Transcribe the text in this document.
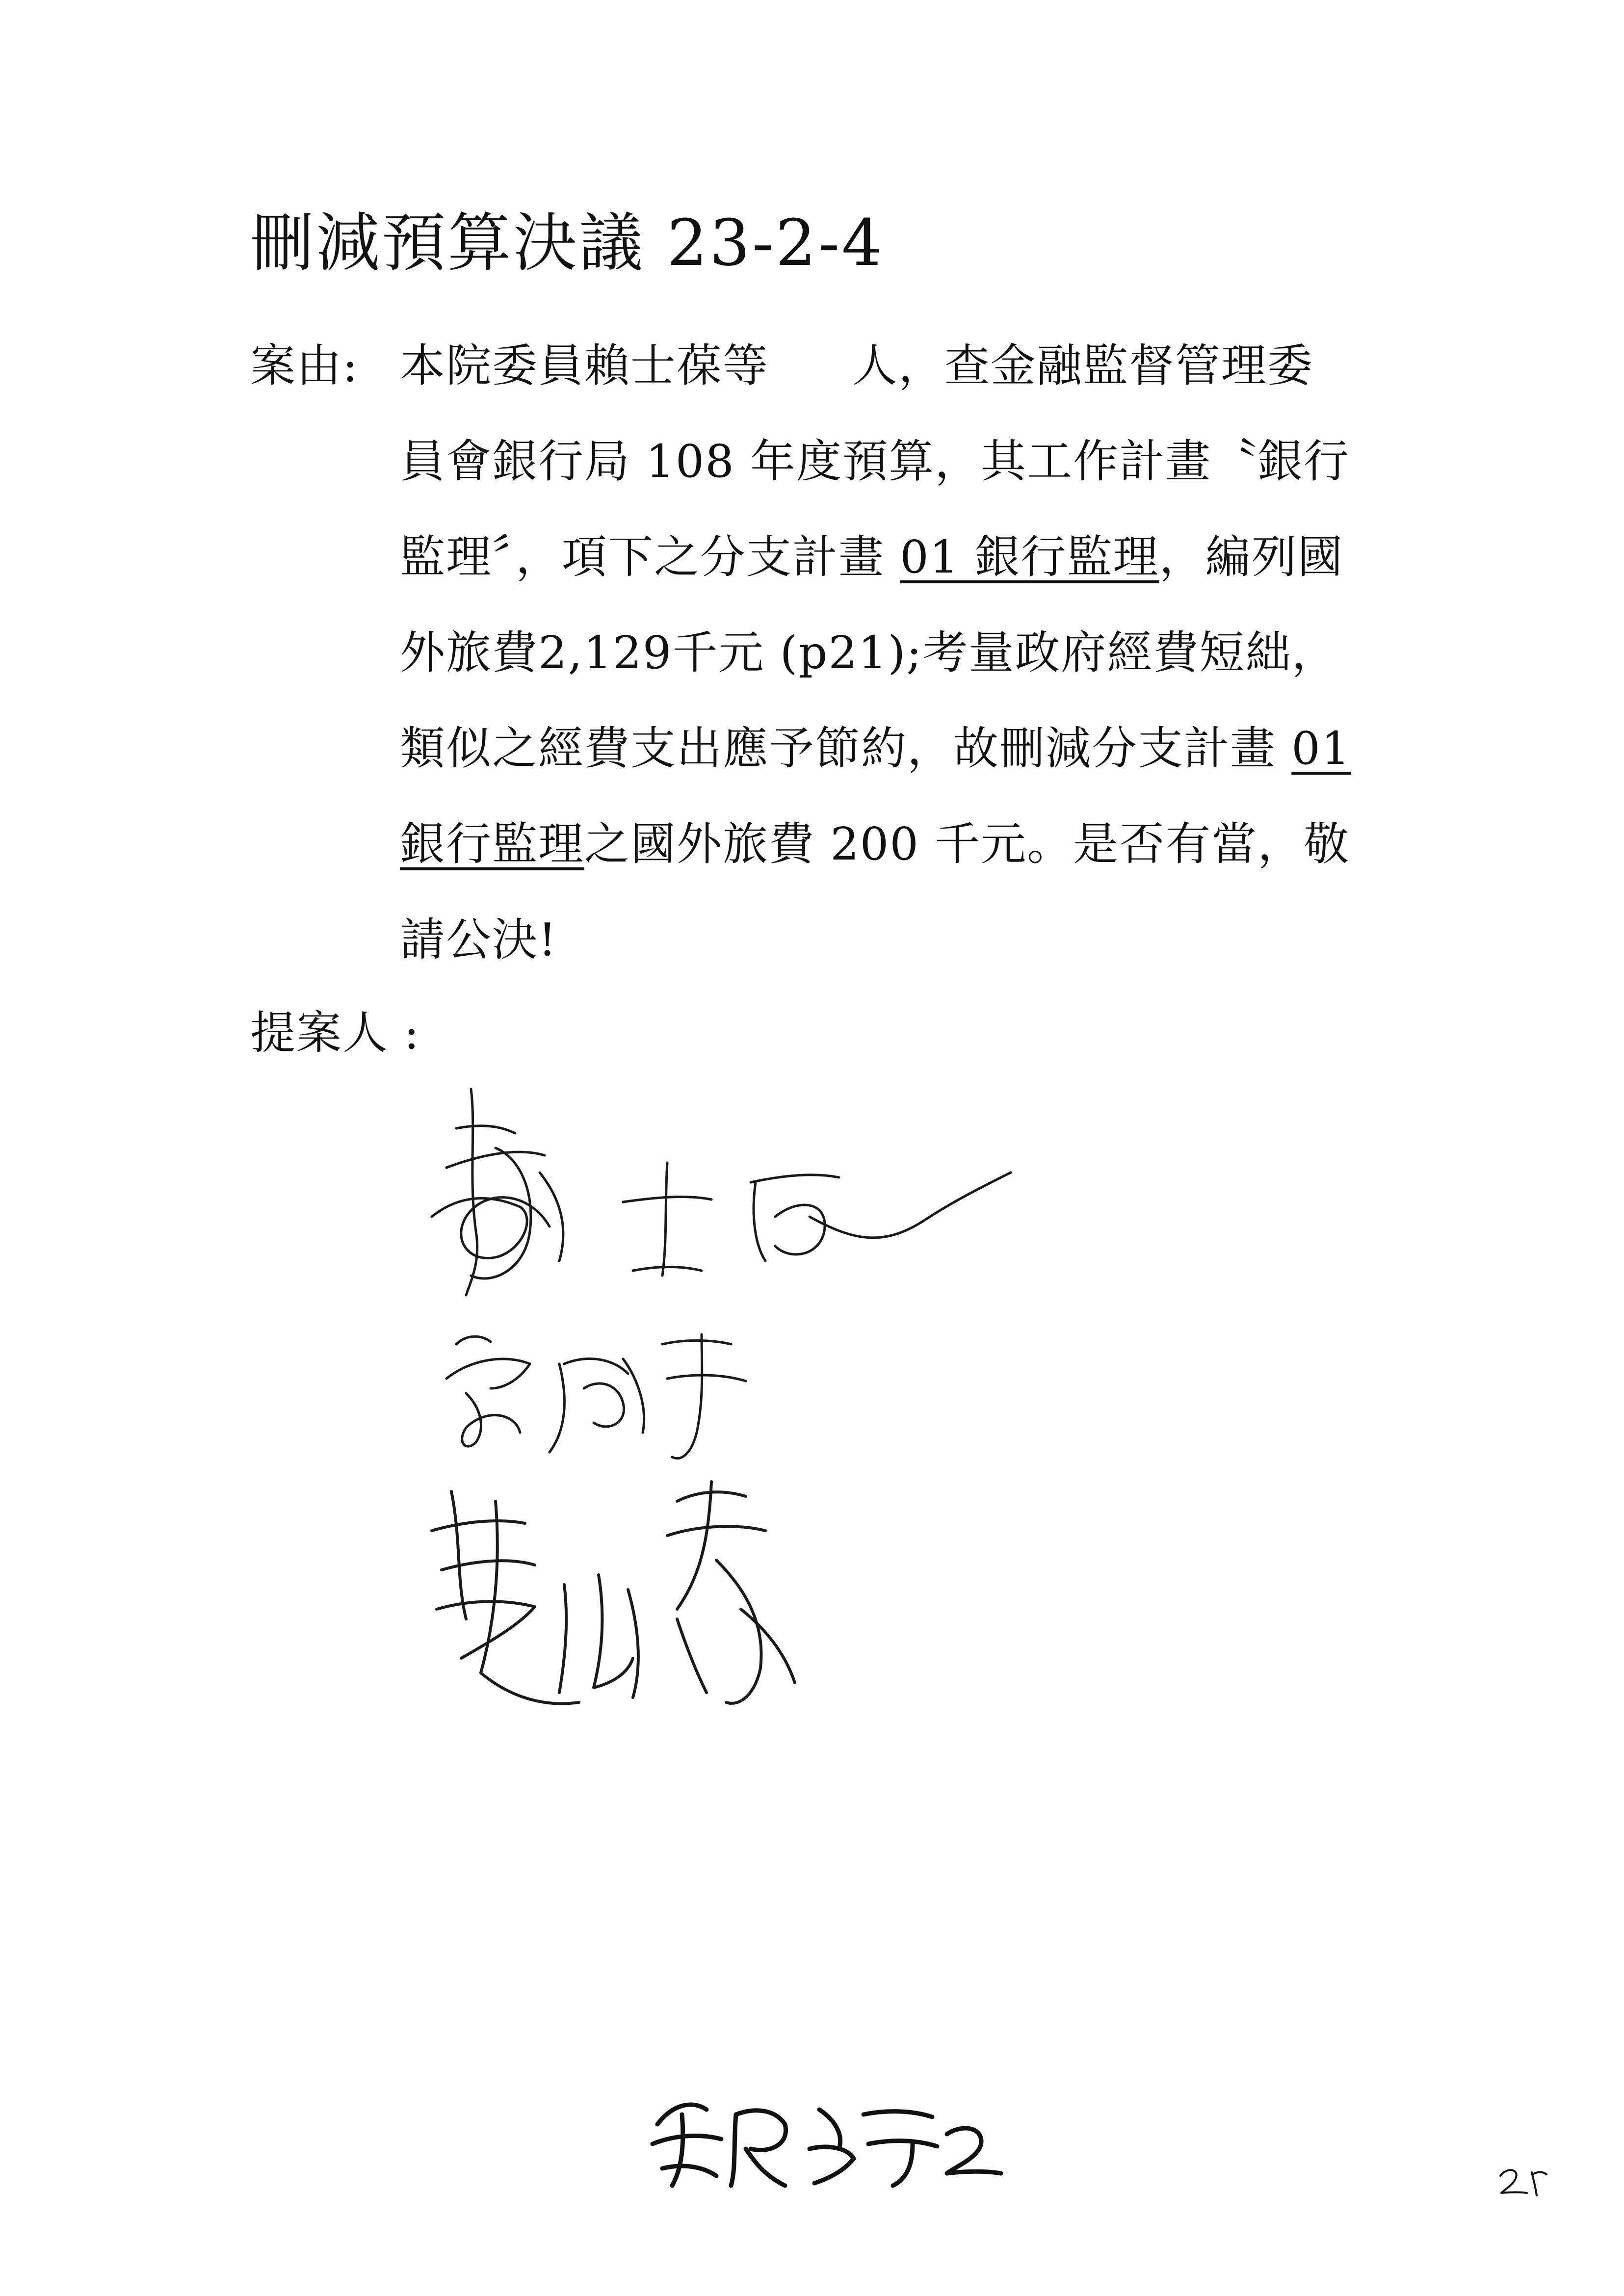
刪減預算決議 23-2-4
案由: 本院委員賴士葆等 人，查金融監督管理委
員會銀行局 108 年度預算，其工作計畫〝銀行
監理〞，項下之分支計畫 01 銀行監理，編列國
外旅費2,129千元 (p21);考量政府經費短絀，
類似之經費支出應予節約，故刪減分支計畫 01
銀行監理之國外旅費 200 千元。是否有當，敬
請公決!
提案人 :
